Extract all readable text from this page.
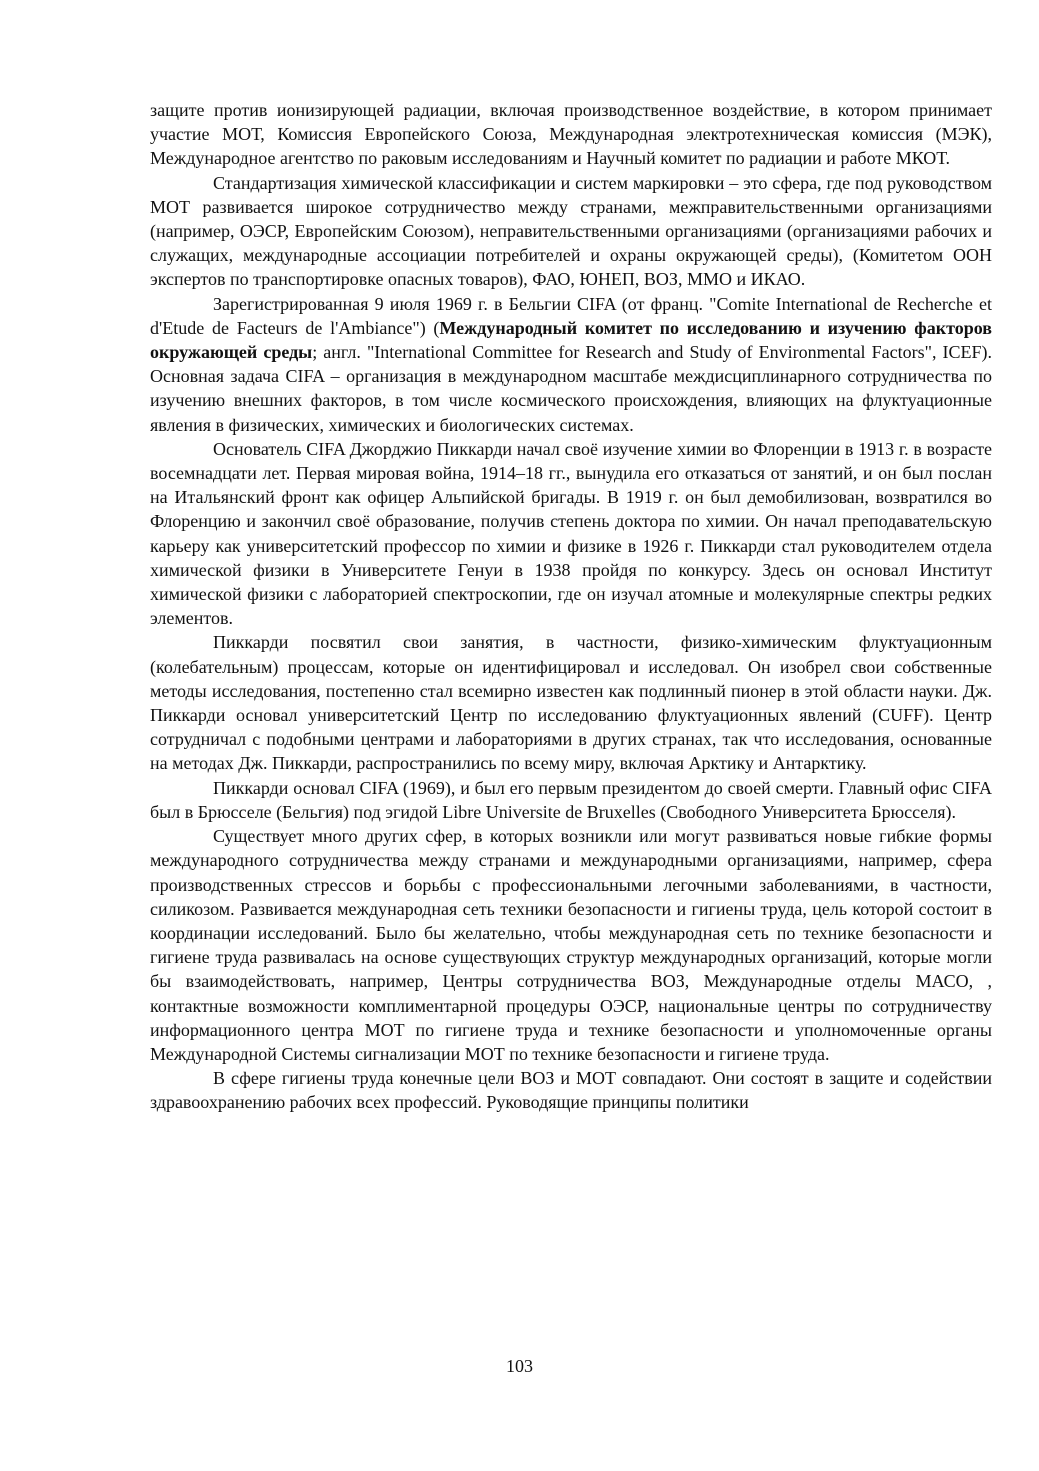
защите против ионизирующей радиации, включая производственное воздействие, в котором принимает участие МОТ, Комиссия Европейского Союза, Международная электротехническая комиссия (МЭК), Международное агентство по раковым исследованиям и Научный комитет по радиации и работе МКОТ.

Стандартизация химической классификации и систем маркировки – это сфера, где под руководством МОТ развивается широкое сотрудничество между странами, межправительственными организациями (например, ОЭСР, Европейским Союзом), неправительственными организациями (организациями рабочих и служащих, международные ассоциации потребителей и охраны окружающей среды), (Комитетом ООН экспертов по транспортировке опасных товаров), ФАО, ЮНЕП, ВОЗ, ММО и ИКАО.

Зарегистрированная 9 июля 1969 г. в Бельгии CIFA (от франц. "Comite International de Recherche et d'Etude de Facteurs de l'Ambiance") (Международный комитет по исследованию и изучению факторов окружающей среды; англ. "International Committee for Research and Study of Environmental Factors", ICEF). Основная задача CIFA – организация в международном масштабе междисциплинарного сотрудничества по изучению внешних факторов, в том числе космического происхождения, влияющих на флуктуационные явления в физических, химических и биологических системах.

Основатель CIFA Джорджио Пиккарди начал своё изучение химии во Флоренции в 1913 г. в возрасте восемнадцати лет. Первая мировая война, 1914–18 гг., вынудила его отказаться от занятий, и он был послан на Итальянский фронт как офицер Альпийской бригады. В 1919 г. он был демобилизован, возвратился во Флоренцию и закончил своё образование, получив степень доктора по химии. Он начал преподавательскую карьеру как университетский профессор по химии и физике в 1926 г. Пиккарди стал руководителем отдела химической физики в Университете Генуи в 1938 пройдя по конкурсу. Здесь он основал Институт химической физики с лабораторией спектроскопии, где он изучал атомные и молекулярные спектры редких элементов.

Пиккарди посвятил свои занятия, в частности, физико-химическим флуктуационным (колебательным) процессам, которые он идентифицировал и исследовал. Он изобрел свои собственные методы исследования, постепенно стал всемирно известен как подлинный пионер в этой области науки. Дж. Пиккарди основал университетский Центр по исследованию флуктуационных явлений (CUFF). Центр сотрудничал с подобными центрами и лабораториями в других странах, так что исследования, основанные на методах Дж. Пиккарди, распространились по всему миру, включая Арктику и Антарктику.

Пиккарди основал CIFA (1969), и был его первым президентом до своей смерти. Главный офис CIFA был в Брюсселе (Бельгия) под эгидой Libre Universite de Bruxelles (Свободного Университета Брюсселя).

Существует много других сфер, в которых возникли или могут развиваться новые гибкие формы международного сотрудничества между странами и международными организациями, например, сфера производственных стрессов и борьбы с профессиональными легочными заболеваниями, в частности, силикозом. Развивается международная сеть техники безопасности и гигиены труда, цель которой состоит в координации исследований. Было бы желательно, чтобы международная сеть по технике безопасности и гигиене труда развивалась на основе существующих структур международных организаций, которые могли бы взаимодействовать, например, Центры сотрудничества ВОЗ, Международные отделы МАСО, , контактные возможности комплиментарной процедуры ОЭСР, национальные центры по сотрудничеству информационного центра МОТ по гигиене труда и технике безопасности и уполномоченные органы Международной Системы сигнализации МОТ по технике безопасности и гигиене труда.

В сфере гигиены труда конечные цели ВОЗ и МОТ совпадают. Они состоят в защите и содействии здравоохранению рабочих всех профессий. Руководящие принципы политики

103
